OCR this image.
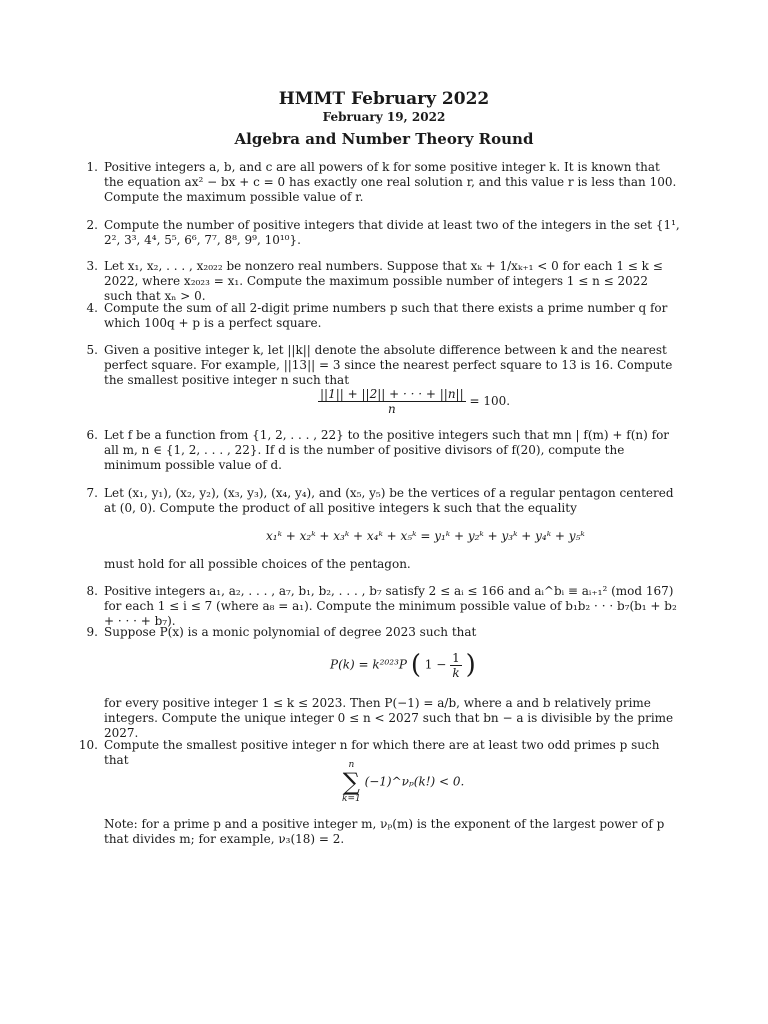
HMMT February 2022
February 19, 2022
Algebra and Number Theory Round
1. Positive integers a, b, and c are all powers of k for some positive integer k. It is known that the equation ax² − bx + c = 0 has exactly one real solution r, and this value r is less than 100. Compute the maximum possible value of r.
2. Compute the number of positive integers that divide at least two of the integers in the set {1¹, 2², 3³, 4⁴, 5⁵, 6⁶, 7⁷, 8⁸, 9⁹, 10¹⁰}.
3. Let x₁, x₂, . . . , x₂₀₂₂ be nonzero real numbers. Suppose that xₖ + 1/xₖ₊₁ < 0 for each 1 ≤ k ≤ 2022, where x₂₀₂₃ = x₁. Compute the maximum possible number of integers 1 ≤ n ≤ 2022 such that xₙ > 0.
4. Compute the sum of all 2-digit prime numbers p such that there exists a prime number q for which 100q + p is a perfect square.
5. Given a positive integer k, let ||k|| denote the absolute difference between k and the nearest perfect square. For example, ||13|| = 3 since the nearest perfect square to 13 is 16. Compute the smallest positive integer n such that
$\frac{||1|| + ||2|| + \cdot \cdot \cdot + ||n||}{n} = 100$.
6. Let f be a function from {1, 2, . . . , 22} to the positive integers such that mn | f(m) + f(n) for all m, n ∈ {1, 2, . . . , 22}. If d is the number of positive divisors of f(20), compute the minimum possible value of d.
7. Let (x₁, y₁), (x₂, y₂), (x₃, y₃), (x₄, y₄), and (x₅, y₅) be the vertices of a regular pentagon centered at (0, 0). Compute the product of all positive integers k such that the equality
x₁ᵏ + x₂ᵏ + x₃ᵏ + x₄ᵏ + x₅ᵏ = y₁ᵏ + y₂ᵏ + y₃ᵏ + y₄ᵏ + y₅ᵏ
must hold for all possible choices of the pentagon.
8. Positive integers a₁, a₂, . . . , a₇, b₁, b₂, . . . , b₇ satisfy 2 ≤ aᵢ ≤ 166 and aᵢ^bᵢ ≡ aᵢ₊₁² (mod 167) for each 1 ≤ i ≤ 7 (where a₈ = a₁). Compute the minimum possible value of b₁b₂ · · · b₇(b₁ + b₂ + · · · + b₇).
9. Suppose P(x) is a monic polynomial of degree 2023 such that
P(k) = k²⁰²³P ( $1 - \frac{1}{k}$ )
for every positive integer 1 ≤ k ≤ 2023. Then P(−1) = a/b, where a and b relatively prime integers. Compute the unique integer 0 ≤ n < 2027 such that bn − a is divisible by the prime 2027.
10. Compute the smallest positive integer n for which there are at least two odd primes p such that	n
∑
k=1 (−1)^νₚ(k!) < 0.
Note: for a prime p and a positive integer m, νₚ(m) is the exponent of the largest power of p that divides m; for example, ν₃(18) = 2.
